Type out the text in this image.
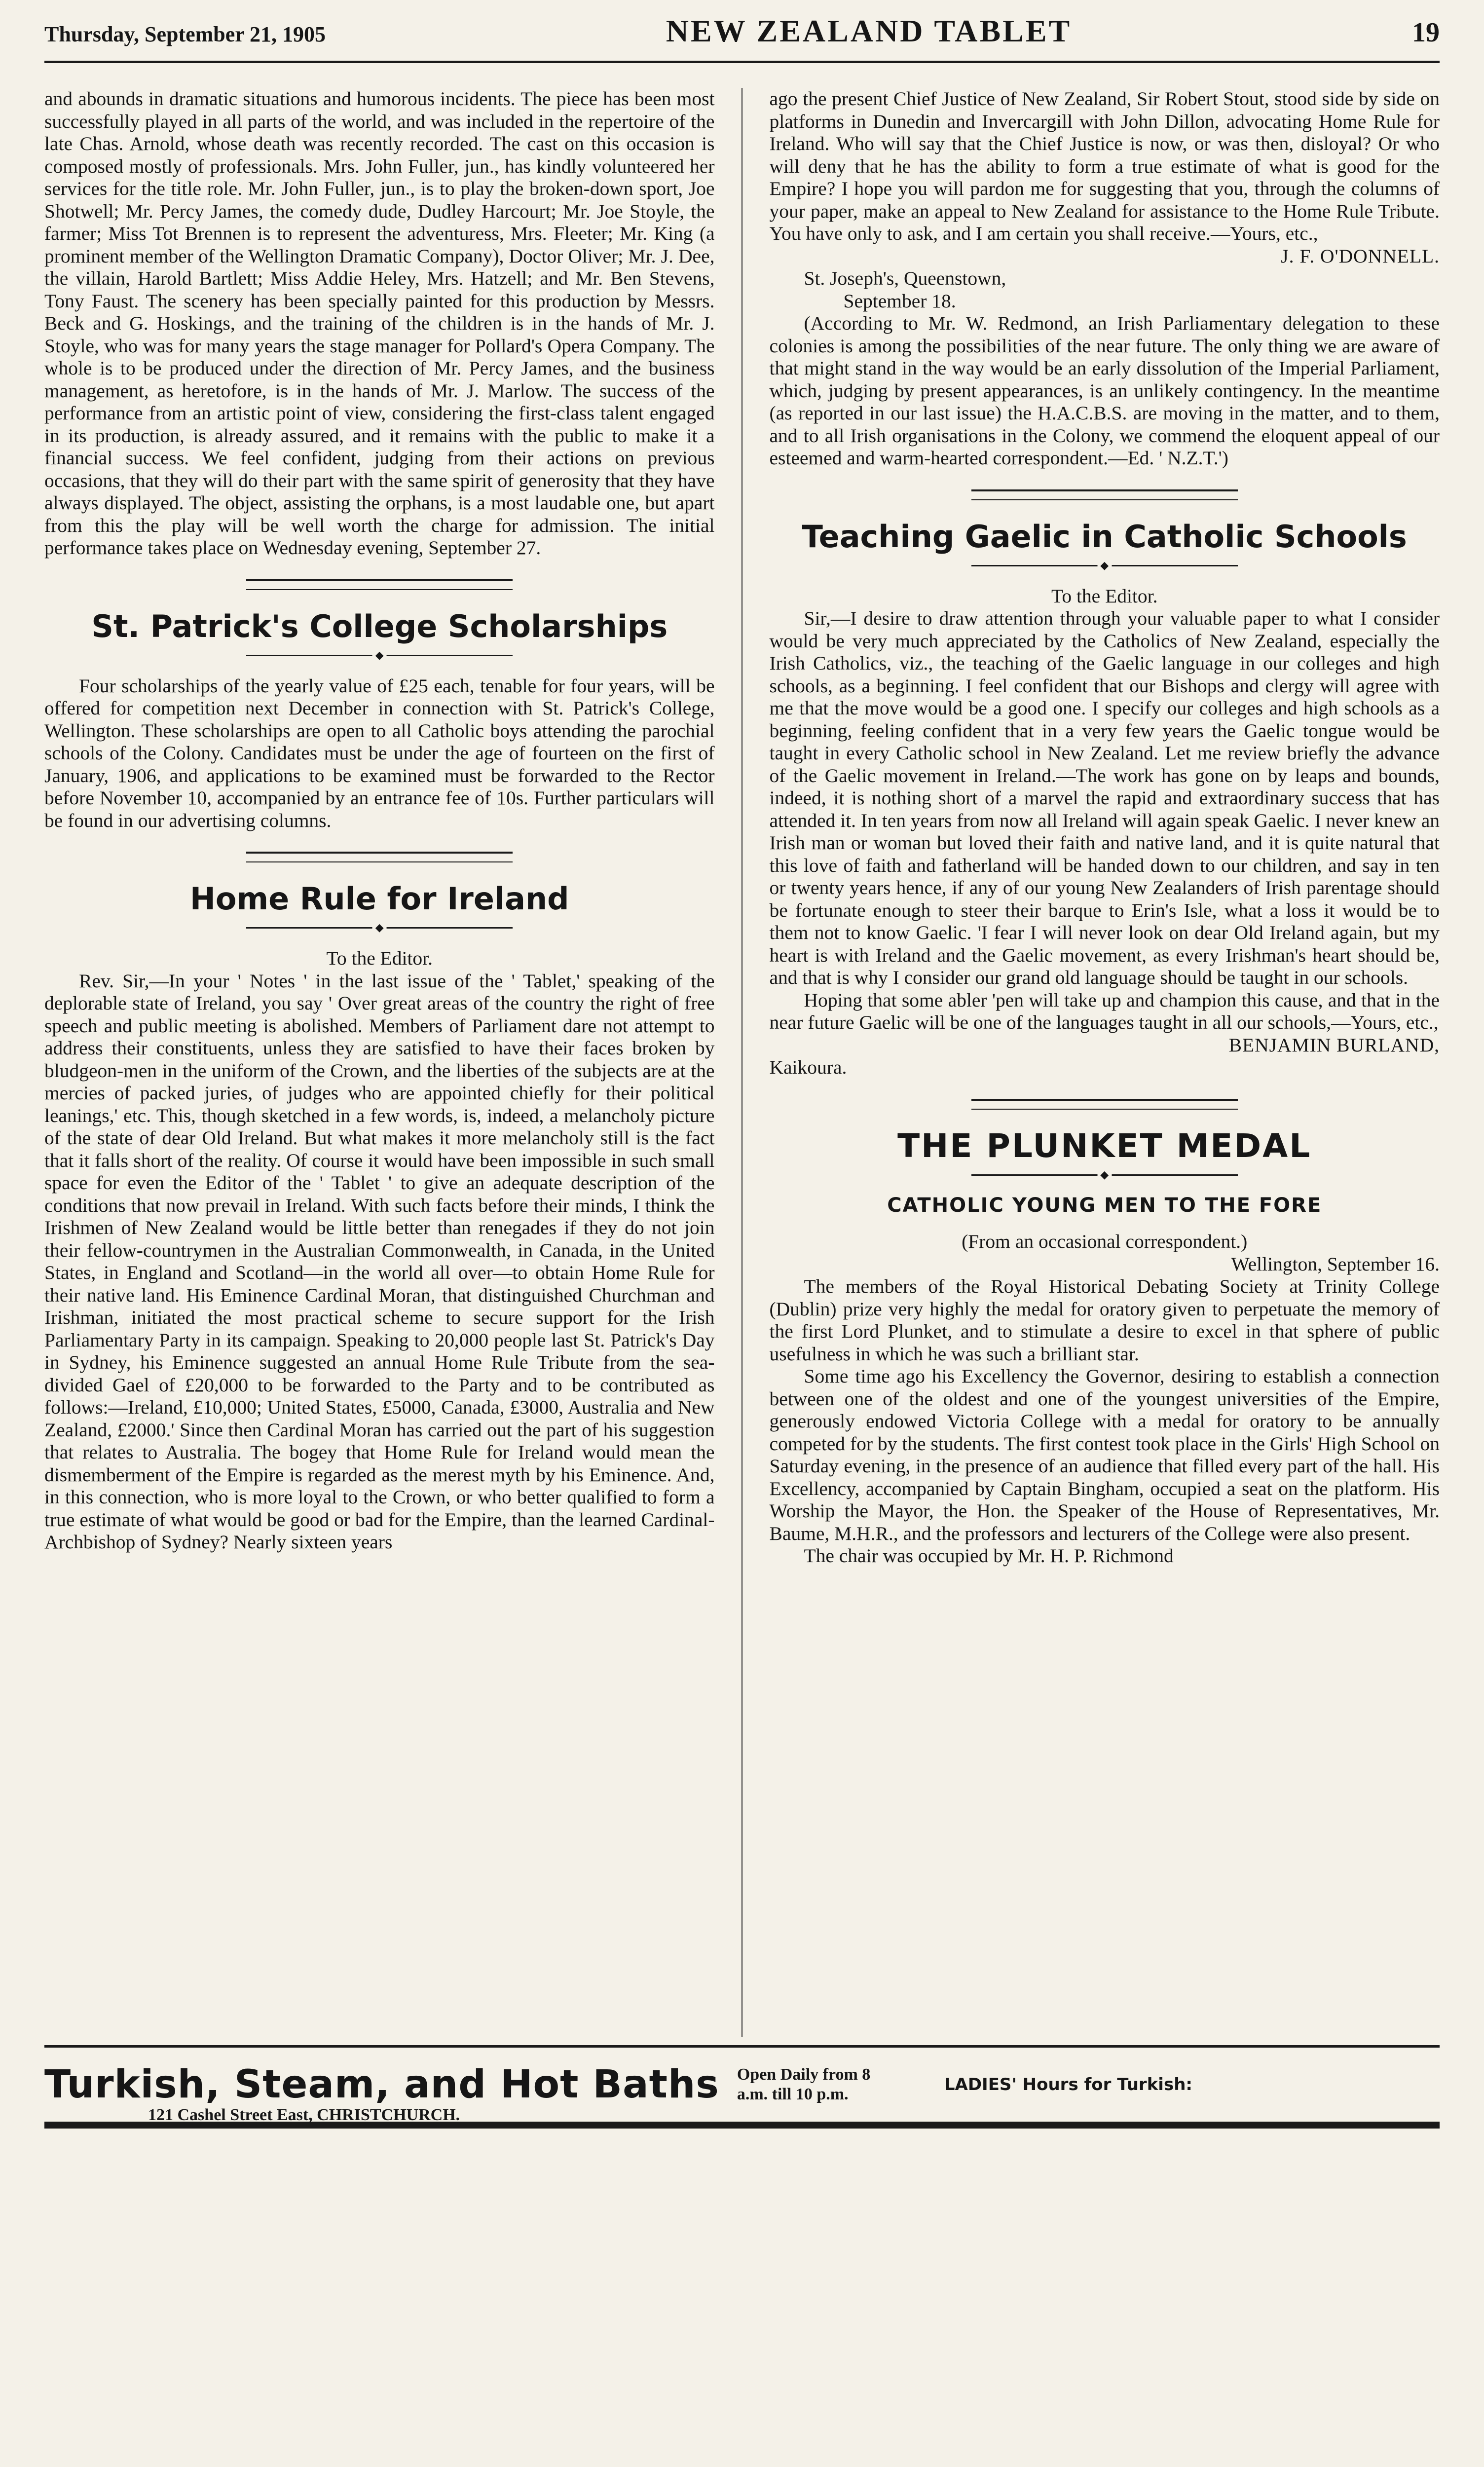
Thursday, September 21, 1905	NEW ZEALAND TABLET	19

and abounds in dramatic situations and humorous incidents. The piece has been most successfully played in all parts of the world, and was included in the repertoire of the late Chas. Arnold, whose death was recently recorded. The cast on this occasion is composed mostly of professionals. Mrs. John Fuller, jun., has kindly volunteered her services for the title role. Mr. John Fuller, jun., is to play the broken-down sport, Joe Shotwell; Mr. Percy James, the comedy dude, Dudley Harcourt; Mr. Joe Stoyle, the farmer; Miss Tot Brennen is to represent the adventuress, Mrs. Fleeter; Mr. King (a prominent member of the Wellington Dramatic Company), Doctor Oliver; Mr. J. Dee, the villain, Harold Bartlett; Miss Addie Heley, Mrs. Hatzell; and Mr. Ben Stevens, Tony Faust. The scenery has been specially painted for this production by Messrs. Beck and G. Hoskings, and the training of the children is in the hands of Mr. J. Stoyle, who was for many years the stage manager for Pollard's Opera Company. The whole is to be produced under the direction of Mr. Percy James, and the business management, as heretofore, is in the hands of Mr. J. Marlow. The success of the performance from an artistic point of view, considering the first-class talent engaged in its production, is already assured, and it remains with the public to make it a financial success. We feel confident, judging from their actions on previous occasions, that they will do their part with the same spirit of generosity that they have always displayed. The object, assisting the orphans, is a most laudable one, but apart from this the play will be well worth the charge for admission. The initial performance takes place on Wednesday evening, September 27.

St. Patrick's College Scholarships
◆

Four scholarships of the yearly value of £25 each, tenable for four years, will be offered for competition next December in connection with St. Patrick's College, Wellington. These scholarships are open to all Catholic boys attending the parochial schools of the Colony. Candidates must be under the age of fourteen on the first of January, 1906, and applications to be examined must be forwarded to the Rector before November 10, accompanied by an entrance fee of 10s. Further particulars will be found in our advertising columns.

Home Rule for Ireland
◆

To the Editor.

Rev. Sir,—In your ' Notes ' in the last issue of the ' Tablet,' speaking of the deplorable state of Ireland, you say ' Over great areas of the country the right of free speech and public meeting is abolished. Members of Parliament dare not attempt to address their constituents, unless they are satisfied to have their faces broken by bludgeon-men in the uniform of the Crown, and the liberties of the subjects are at the mercies of packed juries, of judges who are appointed chiefly for their political leanings,' etc. This, though sketched in a few words, is, indeed, a melancholy picture of the state of dear Old Ireland. But what makes it more melancholy still is the fact that it falls short of the reality. Of course it would have been impossible in such small space for even the Editor of the ' Tablet ' to give an adequate description of the conditions that now prevail in Ireland. With such facts before their minds, I think the Irishmen of New Zealand would be little better than renegades if they do not join their fellow-countrymen in the Australian Commonwealth, in Canada, in the United States, in England and Scotland—in the world all over—to obtain Home Rule for their native land. His Eminence Cardinal Moran, that distinguished Churchman and Irishman, initiated the most practical scheme to secure support for the Irish Parliamentary Party in its campaign. Speaking to 20,000 people last St. Patrick's Day in Sydney, his Eminence suggested an annual Home Rule Tribute from the sea-divided Gael of £20,000 to be forwarded to the Party and to be contributed as follows:—Ireland, £10,000; United States, £5000, Canada, £3000, Australia and New Zealand, £2000.' Since then Cardinal Moran has carried out the part of his suggestion that relates to Australia. The bogey that Home Rule for Ireland would mean the dismemberment of the Empire is regarded as the merest myth by his Eminence. And, in this connection, who is more loyal to the Crown, or who better qualified to form a true estimate of what would be good or bad for the Empire, than the learned Cardinal-Archbishop of Sydney? Nearly sixteen years

ago the present Chief Justice of New Zealand, Sir Robert Stout, stood side by side on platforms in Dunedin and Invercargill with John Dillon, advocating Home Rule for Ireland. Who will say that the Chief Justice is now, or was then, disloyal? Or who will deny that he has the ability to form a true estimate of what is good for the Empire? I hope you will pardon me for suggesting that you, through the columns of your paper, make an appeal to New Zealand for assistance to the Home Rule Tribute. You have only to ask, and I am certain you shall receive.—Yours, etc.,

J. F. O'DONNELL.

St. Joseph's, Queenstown,

September 18.

(According to Mr. W. Redmond, an Irish Parliamentary delegation to these colonies is among the possibilities of the near future. The only thing we are aware of that might stand in the way would be an early dissolution of the Imperial Parliament, which, judging by present appearances, is an unlikely contingency. In the meantime (as reported in our last issue) the H.A.C.B.S. are moving in the matter, and to them, and to all Irish organisations in the Colony, we commend the eloquent appeal of our esteemed and warm-hearted correspondent.—Ed. ' N.Z.T.')

Teaching Gaelic in Catholic Schools
◆

To the Editor.

Sir,—I desire to draw attention through your valuable paper to what I consider would be very much appreciated by the Catholics of New Zealand, especially the Irish Catholics, viz., the teaching of the Gaelic language in our colleges and high schools, as a beginning. I feel confident that our Bishops and clergy will agree with me that the move would be a good one. I specify our colleges and high schools as a beginning, feeling confident that in a very few years the Gaelic tongue would be taught in every Catholic school in New Zealand. Let me review briefly the advance of the Gaelic movement in Ireland.—The work has gone on by leaps and bounds, indeed, it is nothing short of a marvel the rapid and extraordinary success that has attended it. In ten years from now all Ireland will again speak Gaelic. I never knew an Irish man or woman but loved their faith and native land, and it is quite natural that this love of faith and fatherland will be handed down to our children, and say in ten or twenty years hence, if any of our young New Zealanders of Irish parentage should be fortunate enough to steer their barque to Erin's Isle, what a loss it would be to them not to know Gaelic. 'I fear I will never look on dear Old Ireland again, but my heart is with Ireland and the Gaelic movement, as every Irishman's heart should be, and that is why I consider our grand old language should be taught in our schools.

Hoping that some abler 'pen will take up and champion this cause, and that in the near future Gaelic will be one of the languages taught in all our schools,—Yours, etc.,

BENJAMIN BURLAND,

Kaikoura.

THE PLUNKET MEDAL
◆
CATHOLIC YOUNG MEN TO THE FORE

(From an occasional correspondent.)

Wellington, September 16.

The members of the Royal Historical Debating Society at Trinity College (Dublin) prize very highly the medal for oratory given to perpetuate the memory of the first Lord Plunket, and to stimulate a desire to excel in that sphere of public usefulness in which he was such a brilliant star.

Some time ago his Excellency the Governor, desiring to establish a connection between one of the oldest and one of the youngest universities of the Empire, generously endowed Victoria College with a medal for oratory to be annually competed for by the students. The first contest took place in the Girls' High School on Saturday evening, in the presence of an audience that filled every part of the hall. His Excellency, accompanied by Captain Bingham, occupied a seat on the platform. His Worship the Mayor, the Hon. the Speaker of the House of Representatives, Mr. Baume, M.H.R., and the professors and lecturers of the College were also present.

The chair was occupied by Mr. H. P. Richmond

Turkish, Steam, and Hot Baths Open Daily from 8 a.m. till 10 p.m.	LADIES' Hours for Turkish:
121 Cashel Street East, CHRISTCHURCH.
